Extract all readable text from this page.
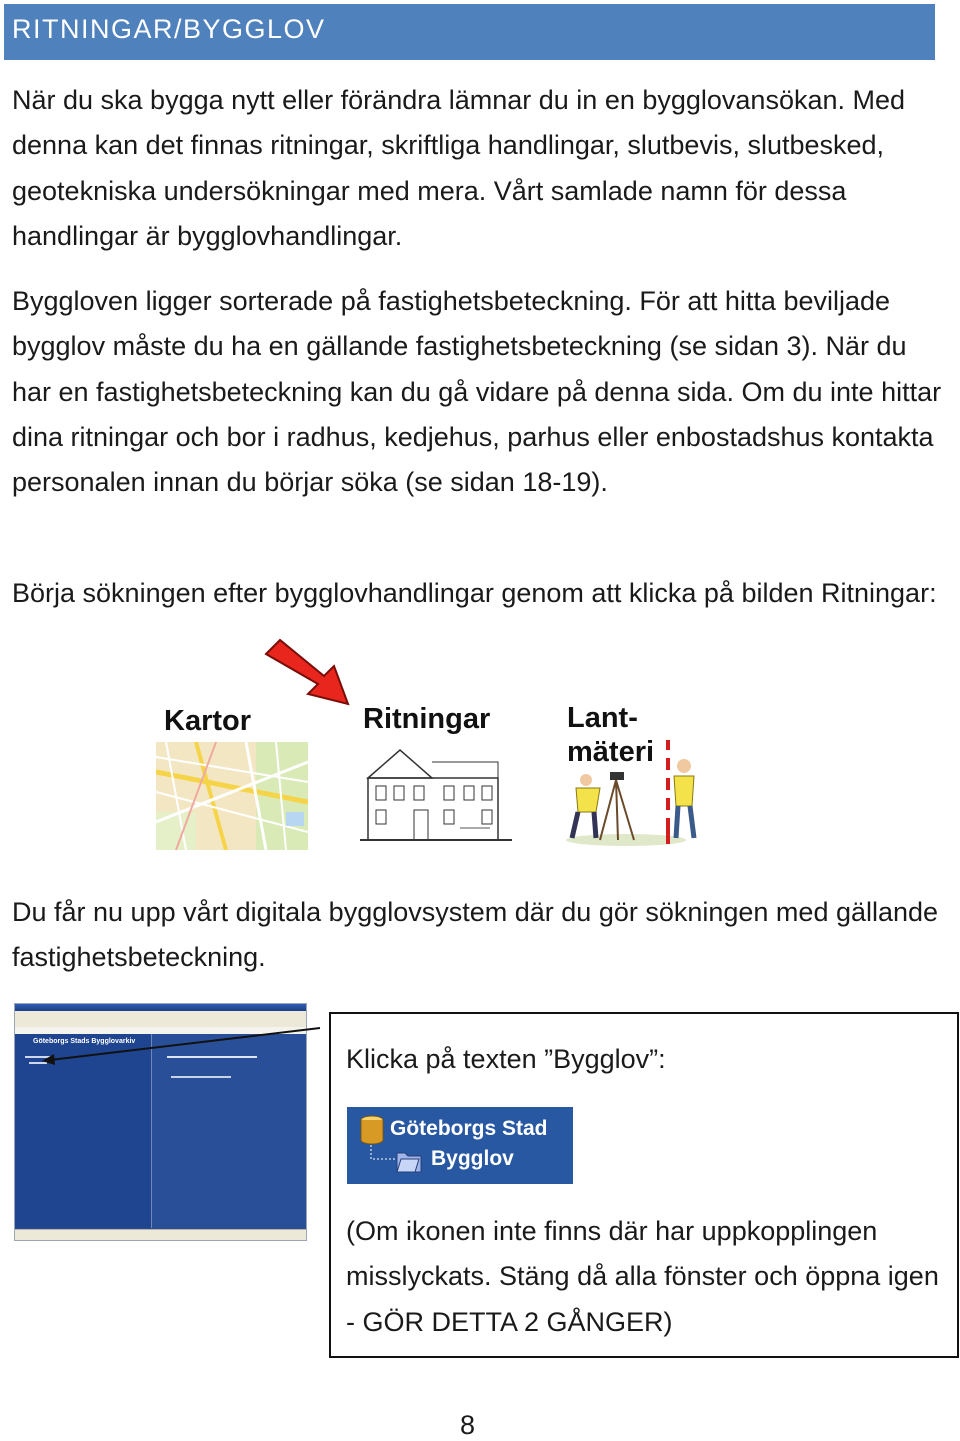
RITNINGAR/BYGGLOV

När du ska bygga nytt eller förändra lämnar du in en bygglovansökan. Med denna kan det finnas ritningar, skriftliga handlingar, slutbevis, slutbesked, geotekniska undersökningar med mera. Vårt samlade namn för dessa handlingar är bygglovhandlingar.

Byggloven ligger sorterade på fastighetsbeteckning. För att hitta beviljade bygglov måste du ha en gällande fastighetsbeteckning (se sidan 3). När du har en fastighetsbeteckning kan du gå vidare på denna sida. Om du inte hittar dina ritningar och bor i radhus, kedjehus, parhus eller enbostadshus kontakta personalen innan du börjar söka (se sidan 18-19).

Börja sökningen efter bygglovhandlingar genom att klicka på bilden Ritningar:

Kartor	Ritningar	Lant-
mäteri

Du får nu upp vårt digitala bygglovsystem där du gör sökningen med gällande fastighetsbeteckning.

Göteborgs Stads Bygglovarkiv
Klicka på texten ”Bygglov”:
Göteborgs Stad
Bygglov

(Om ikonen inte finns där har uppkopplingen misslyckats. Stäng då alla fönster och öppna igen - GÖR DETTA 2 GÅNGER)

8
